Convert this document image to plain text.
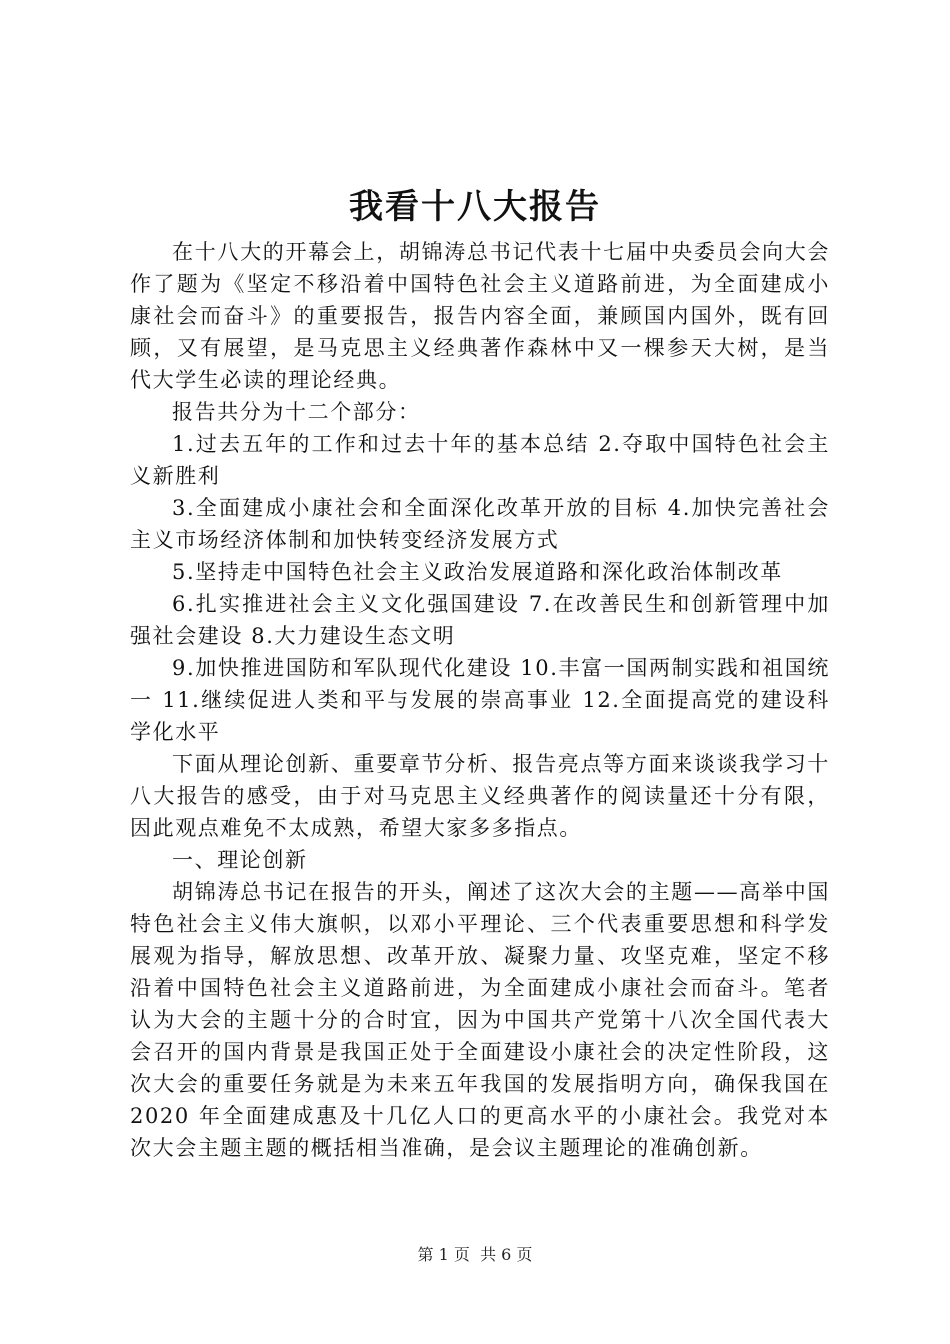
我看十八大报告

在十八大的开幕会上，胡锦涛总书记代表十七届中央委员会向大会作了题为《坚定不移沿着中国特色社会主义道路前进，为全面建成小康社会而奋斗》的重要报告，报告内容全面，兼顾国内国外，既有回顾，又有展望，是马克思主义经典著作森林中又一棵参天大树，是当代大学生必读的理论经典。

报告共分为十二个部分：

1.过去五年的工作和过去十年的基本总结 2.夺取中国特色社会主义新胜利

3.全面建成小康社会和全面深化改革开放的目标 4.加快完善社会主义市场经济体制和加快转变经济发展方式

5.坚持走中国特色社会主义政治发展道路和深化政治体制改革

6.扎实推进社会主义文化强国建设 7.在改善民生和创新管理中加强社会建设 8.大力建设生态文明

9.加快推进国防和军队现代化建设 10.丰富一国两制实践和祖国统一 11.继续促进人类和平与发展的崇高事业 12.全面提高党的建设科学化水平

下面从理论创新、重要章节分析、报告亮点等方面来谈谈我学习十八大报告的感受，由于对马克思主义经典著作的阅读量还十分有限，因此观点难免不太成熟，希望大家多多指点。

一、理论创新

胡锦涛总书记在报告的开头，阐述了这次大会的主题——高举中国特色社会主义伟大旗帜，以邓小平理论、三个代表重要思想和科学发展观为指导，解放思想、改革开放、凝聚力量、攻坚克难，坚定不移沿着中国特色社会主义道路前进，为全面建成小康社会而奋斗。笔者认为大会的主题十分的合时宜，因为中国共产党第十八次全国代表大会召开的国内背景是我国正处于全面建设小康社会的决定性阶段，这次大会的重要任务就是为未来五年我国的发展指明方向，确保我国在 2020 年全面建成惠及十几亿人口的更高水平的小康社会。我党对本次大会主题主题的概括相当准确，是会议主题理论的准确创新。

第 1 页  共 6 页
